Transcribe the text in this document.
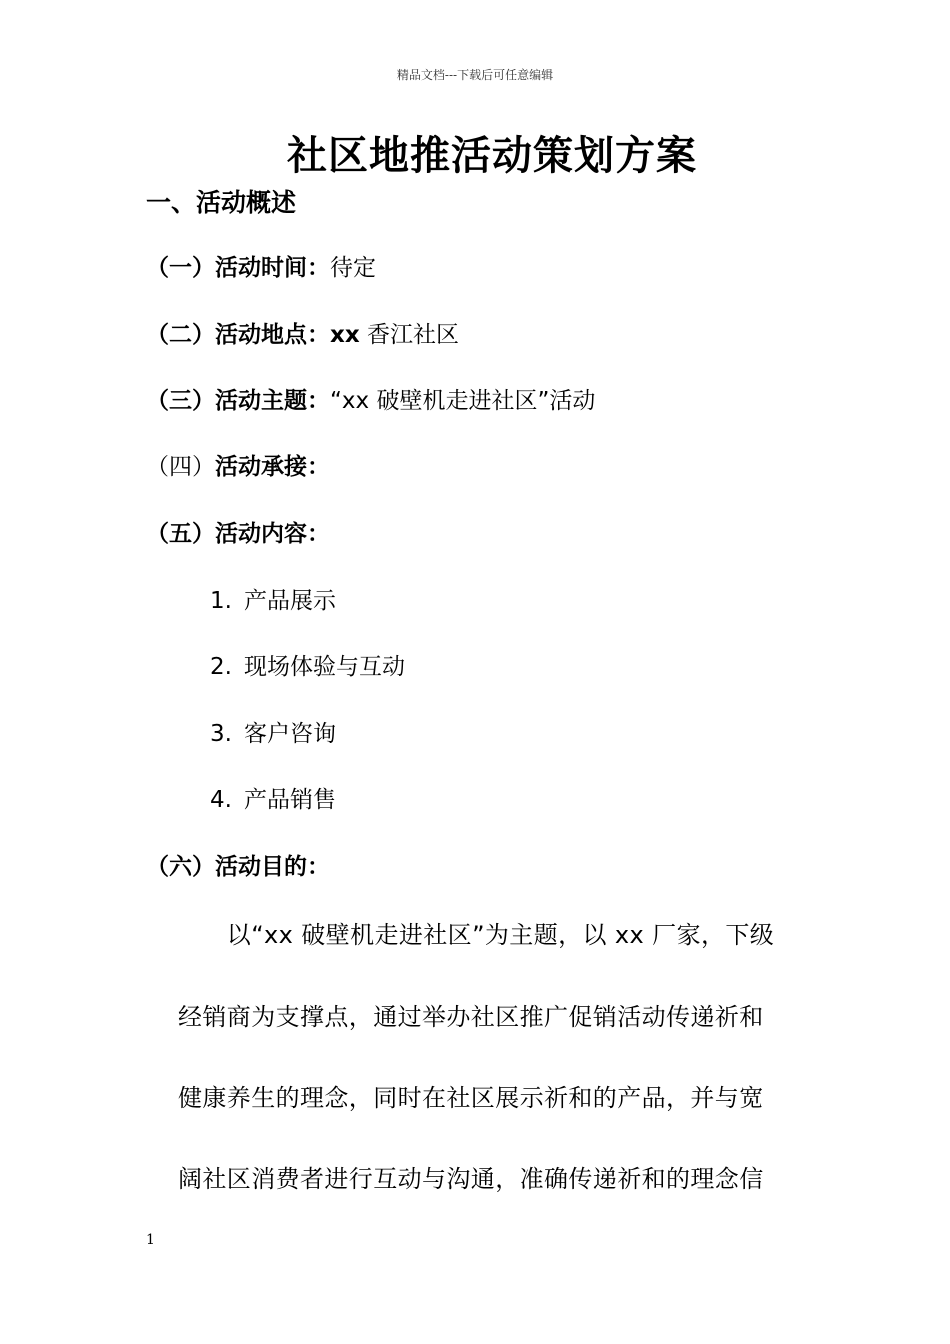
精品文档---下载后可任意编辑
社区地推活动策划方案
一、活动概述
（一）活动时间：待定
（二）活动地点：xx 香江社区
（三）活动主题：“xx 破壁机走进社区”活动
（四）活动承接：
（五）活动内容：
1. 产品展示
2. 现场体验与互动
3. 客户咨询
4. 产品销售
（六）活动目的：
　　以“xx 破壁机走进社区”为主题，以 xx 厂家，下级
经销商为支撑点，通过举办社区推广促销活动传递祈和
健康养生的理念，同时在社区展示祈和的产品，并与宽
阔社区消费者进行互动与沟通，准确传递祈和的理念信
1
